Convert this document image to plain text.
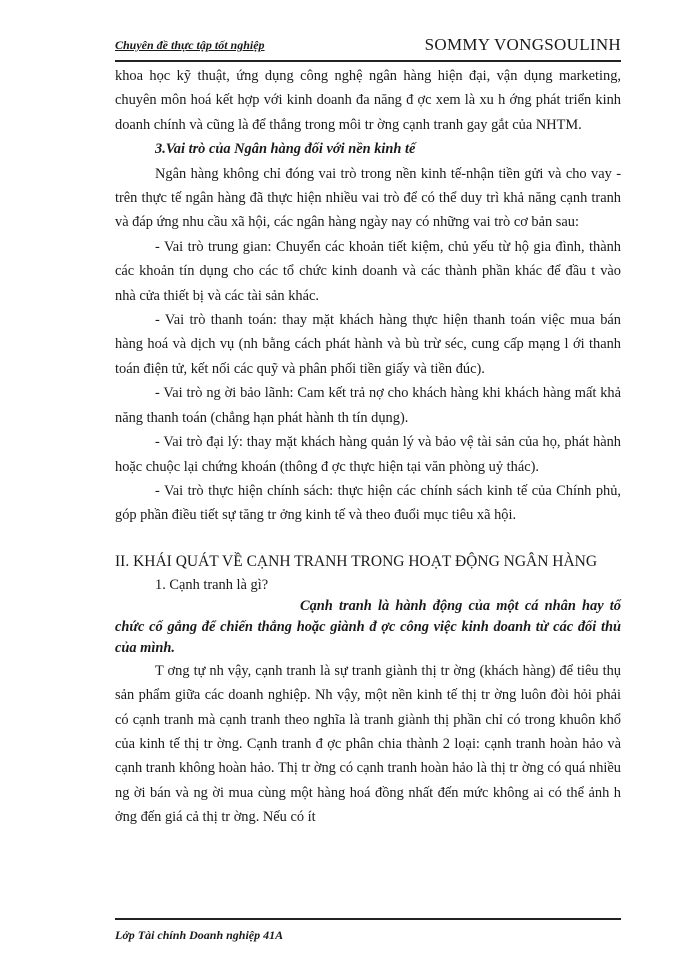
Chuyên đề thực tập tốt nghiệp	SOMMY VONGSOULINH

khoa học kỹ thuật, ứng dụng công nghệ ngân hàng hiện đại, vận dụng marketing, chuyên môn hoá kết hợp với kinh doanh đa năng đ ợc xem là xu h ớng phát triển kinh doanh chính và cũng là để thắng trong môi tr ờng cạnh tranh gay gắt của NHTM.

3.Vai trò của Ngân hàng đối với nền kinh tế

Ngân hàng không chỉ đóng vai trò trong nền kinh tế-nhận tiền gửi và cho vay - trên thực tế ngân hàng đã thực hiện nhiều vai trò để có thể duy trì khả năng cạnh tranh và đáp ứng nhu cầu xã hội, các ngân hàng ngày nay có những vai trò cơ bản sau:

- Vai trò trung gian: Chuyển các khoản tiết kiệm, chủ yếu từ hộ gia đình, thành các khoản tín dụng cho các tổ chức kinh doanh và các thành phần khác để đầu t vào nhà cửa thiết bị và các tài sản khác.

- Vai trò thanh toán: thay mặt khách hàng thực hiện thanh toán việc mua bán hàng hoá và dịch vụ (nh bằng cách phát hành và bù trừ séc, cung cấp mạng l ới thanh toán điện tử, kết nối các quỹ và phân phối tiền giấy và tiền đúc).

- Vai trò ng ời bảo lãnh: Cam kết trả nợ cho khách hàng khi khách hàng mất khả năng thanh toán (chẳng hạn phát hành th tín dụng).

- Vai trò đại lý: thay mặt khách hàng quản lý và bảo vệ tài sản của họ, phát hành hoặc chuộc lại chứng khoán (thông đ ợc thực hiện tại văn phòng uỷ thác).

- Vai trò thực hiện chính sách: thực hiện các chính sách kinh tế của Chính phủ, góp phần điều tiết sự tăng tr ởng kinh tế và theo đuổi mục tiêu xã hội.

II. KHÁI QUÁT VỀ CẠNH TRANH TRONG HOẠT ĐỘNG NGÂN HÀNG

1. Cạnh tranh là gì?

Cạnh tranh là hành động của một cá nhân hay tổ chức cố gắng để chiến thắng hoặc giành đ ợc công việc kinh doanh từ các đối thủ của mình.

T ơng tự nh vậy, cạnh tranh là sự tranh giành thị tr ờng (khách hàng) để tiêu thụ sản phẩm giữa các doanh nghiệp. Nh vậy, một nền kinh tế thị tr ờng luôn đòi hỏi phải có cạnh tranh mà cạnh tranh theo nghĩa là tranh giành thị phần chỉ có trong khuôn khổ của kinh tế thị tr ờng. Cạnh tranh đ ợc phân chia thành 2 loại: cạnh tranh hoàn hảo và cạnh tranh không hoàn hảo. Thị tr ờng có cạnh tranh hoàn hảo là thị tr ờng có quá nhiều ng ời bán và ng ời mua cùng một hàng hoá đồng nhất đến mức không ai có thể ảnh h ởng đến giá cả thị tr ờng. Nếu có ít

Lớp Tài chính Doanh nghiệp 41A
